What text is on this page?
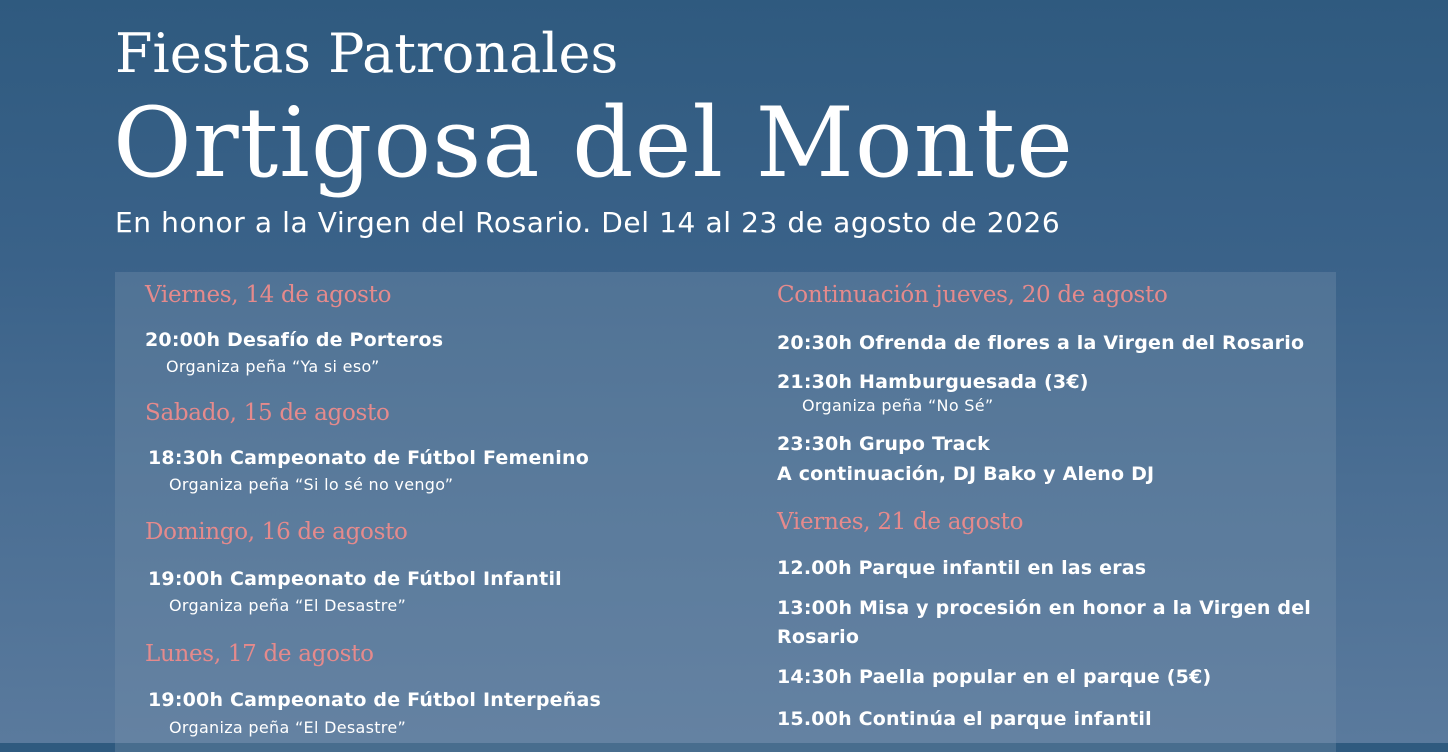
Fiestas Patronales
Ortigosa del Monte
En honor a la Virgen del Rosario. Del 14 al 23 de agosto de 2026
Viernes, 14 de agosto
20:00h Desafío de Porteros
Organiza peña “Ya si eso”
Sabado, 15 de agosto
18:30h Campeonato de Fútbol Femenino
Organiza peña “Si lo sé no vengo”
Domingo, 16 de agosto
19:00h Campeonato de Fútbol Infantil
Organiza peña “El Desastre”
Lunes, 17 de agosto
19:00h Campeonato de Fútbol Interpeñas
Organiza peña “El Desastre”
Continuación jueves, 20 de agosto
20:30h Ofrenda de flores a la Virgen del Rosario
21:30h Hamburguesada (3€)
Organiza peña “No Sé”
23:30h Grupo Track
A continuación, DJ Bako y Aleno DJ
Viernes, 21 de agosto
12.00h Parque infantil en las eras
13:00h Misa y procesión en honor a la Virgen del
Rosario
14:30h Paella popular en el parque (5€)
15.00h Continúa el parque infantil
